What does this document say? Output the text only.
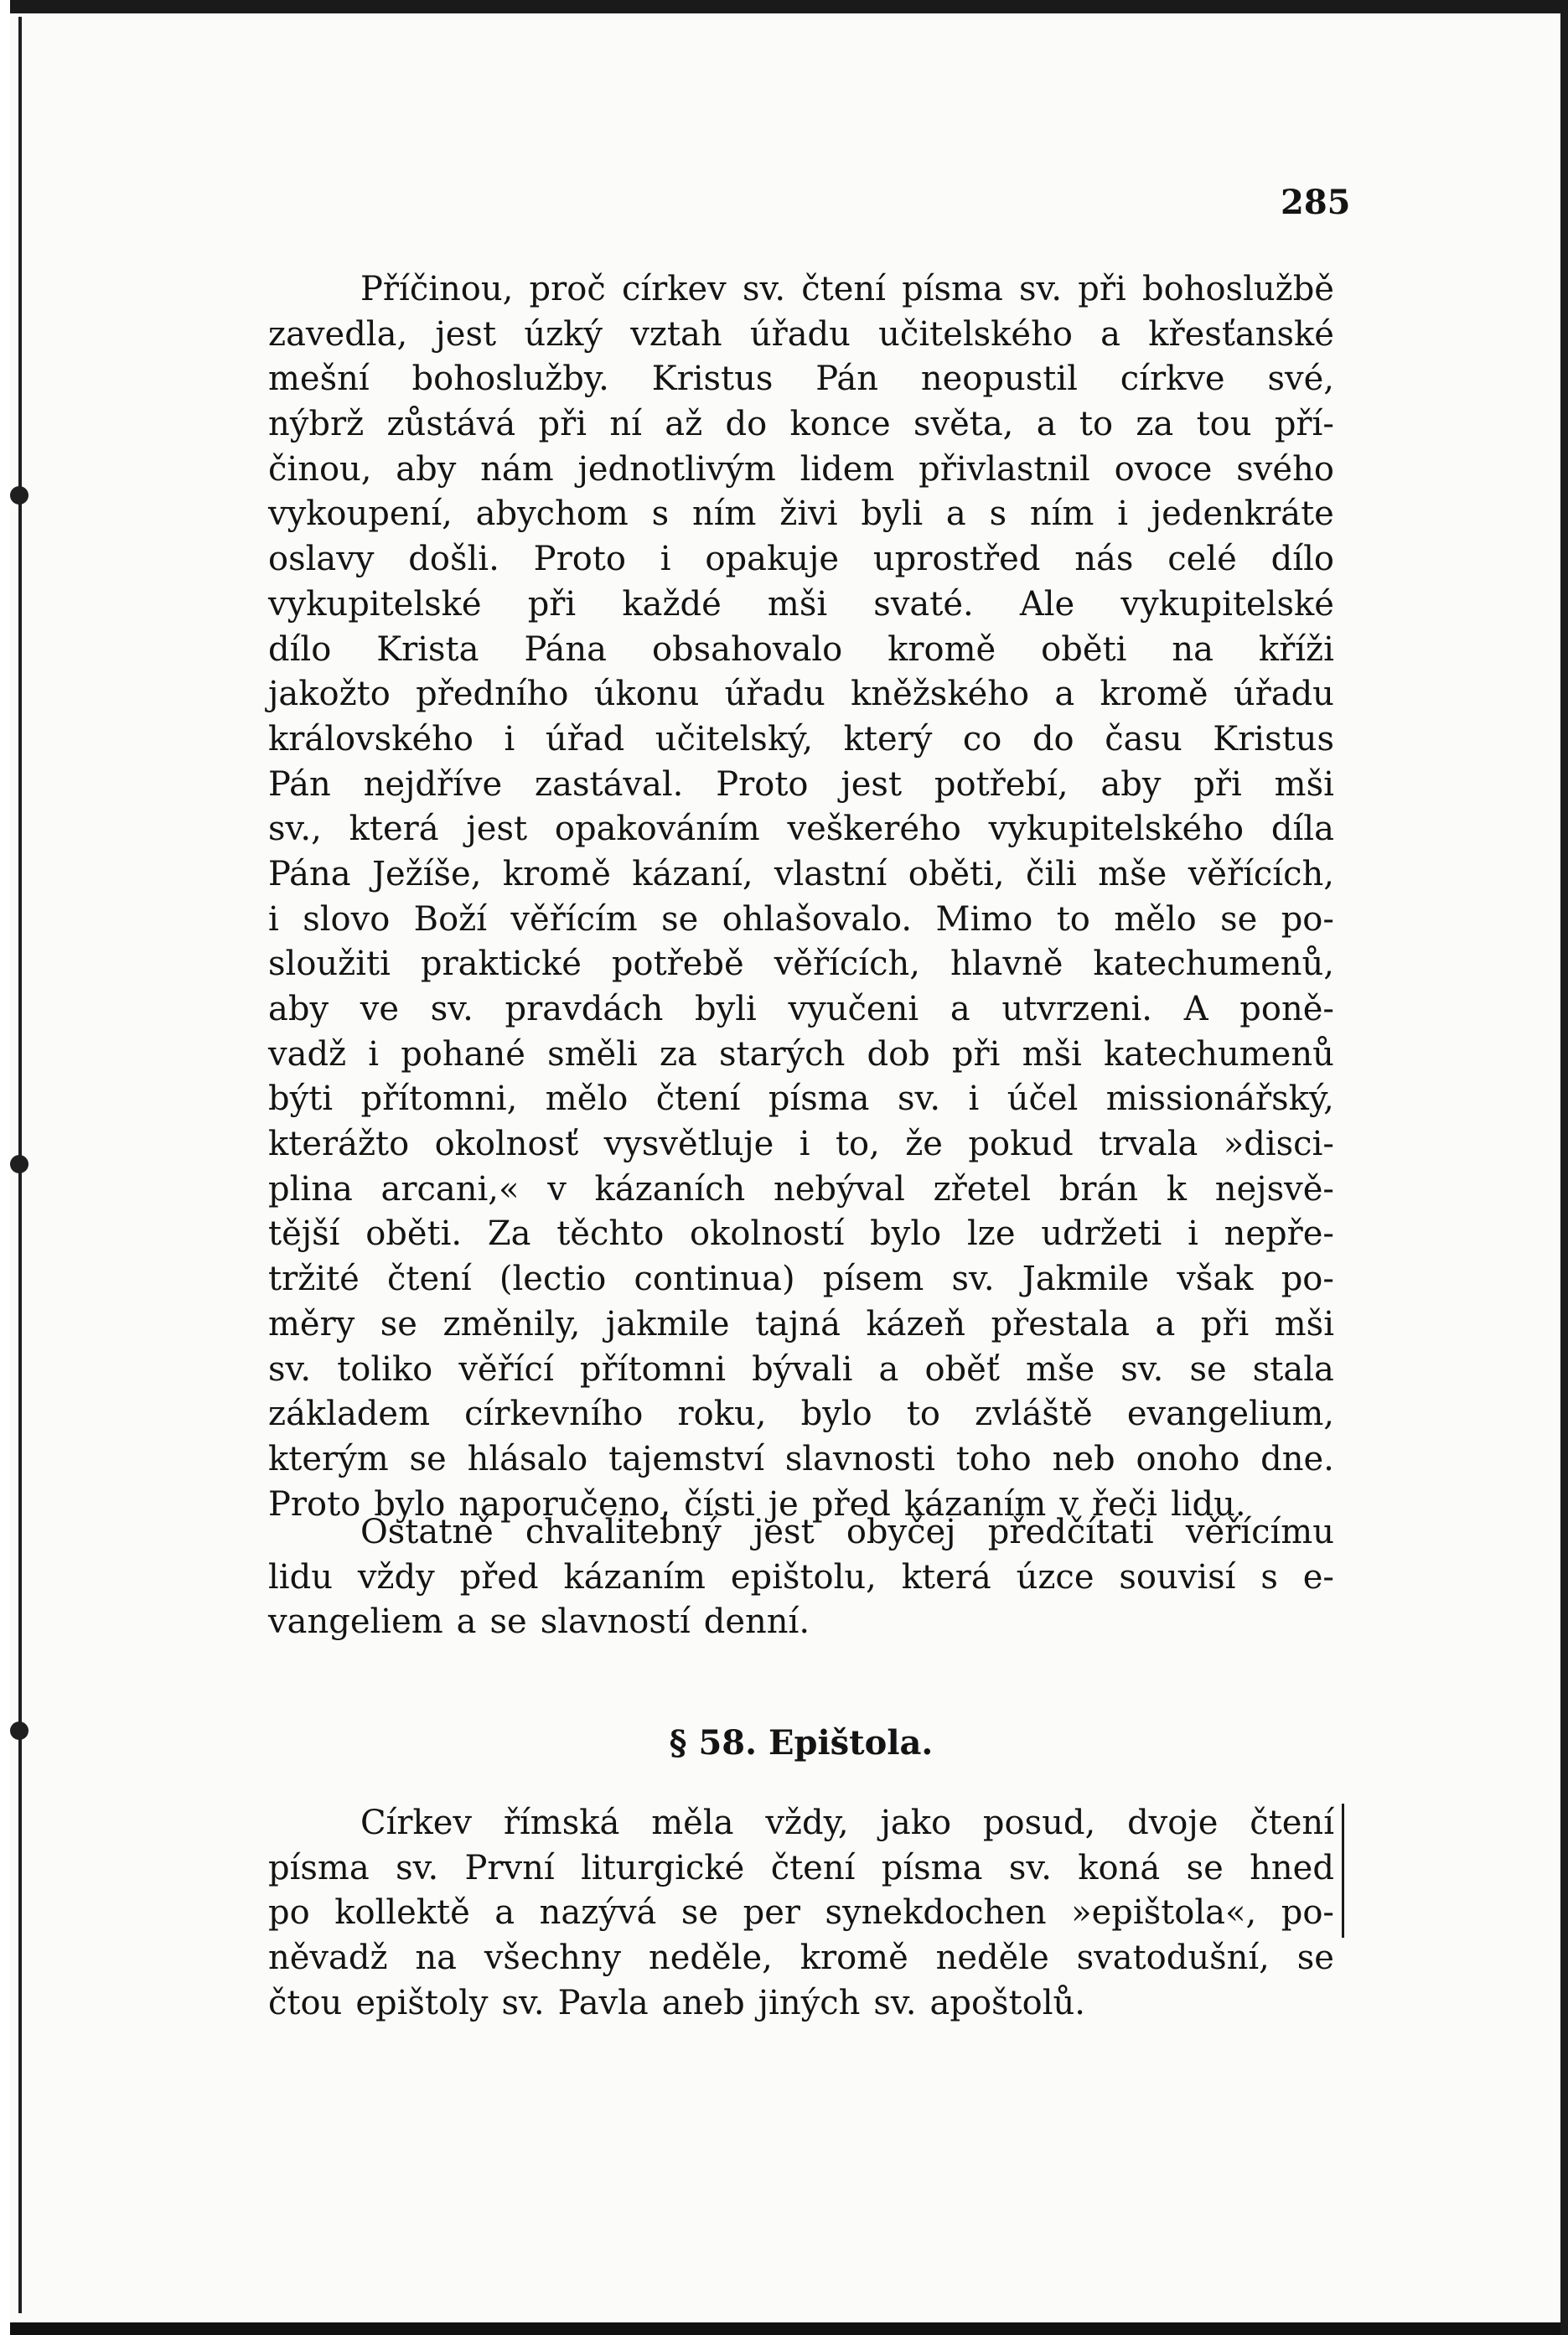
285
Příčinou, proč církev sv. čtení písma sv. při bohoslužbě
zavedla, jest úzký vztah úřadu učitelského a křesťanské
mešní bohoslužby. Kristus Pán neopustil církve své,
nýbrž zůstává při ní až do konce světa, a to za tou pří-
činou, aby nám jednotlivým lidem přivlastnil ovoce svého
vykoupení, abychom s ním živi byli a s ním i jedenkráte
oslavy došli. Proto i opakuje uprostřed nás celé dílo
vykupitelské při každé mši svaté. Ale vykupitelské
dílo Krista Pána obsahovalo kromě oběti na kříži
jakožto předního úkonu úřadu kněžského a kromě úřadu
královského i úřad učitelský, který co do času Kristus
Pán nejdříve zastával. Proto jest potřebí, aby při mši
sv., která jest opakováním veškerého vykupitelského díla
Pána Ježíše, kromě kázaní, vlastní oběti, čili mše věřících,
i slovo Boží věřícím se ohlašovalo. Mimo to mělo se po-
sloužiti praktické potřebě věřících, hlavně katechumenů,
aby ve sv. pravdách byli vyučeni a utvrzeni. A poně-
vadž i pohané směli za starých dob při mši katechumenů
býti přítomni, mělo čtení písma sv. i účel missionářský,
kterážto okolnosť vysvětluje i to, že pokud trvala »disci-
plina arcani,« v kázaních nebýval zřetel brán k nejsvě-
tější oběti. Za těchto okolností bylo lze udržeti i nepře-
tržité čtení (lectio continua) písem sv. Jakmile však po-
měry se změnily, jakmile tajná kázeň přestala a při mši
sv. toliko věřící přítomni bývali a oběť mše sv. se stala
základem církevního roku, bylo to zvláště evangelium,
kterým se hlásalo tajemství slavnosti toho neb onoho dne.
Proto bylo naporučeno, čísti je před kázaním v řeči lidu.
Ostatně chvalitebný jest obyčej předčítati věřícímu
lidu vždy před kázaním epištolu, která úzce souvisí s e-
vangeliem a se slavností denní.
§ 58. Epištola.
Církev římská měla vždy, jako posud, dvoje čtení
písma sv. První liturgické čtení písma sv. koná se hned
po kollektě a nazývá se per synekdochen »epištola«, po-
něvadž na všechny neděle, kromě neděle svatodušní, se
čtou epištoly sv. Pavla aneb jiných sv. apoštolů.
